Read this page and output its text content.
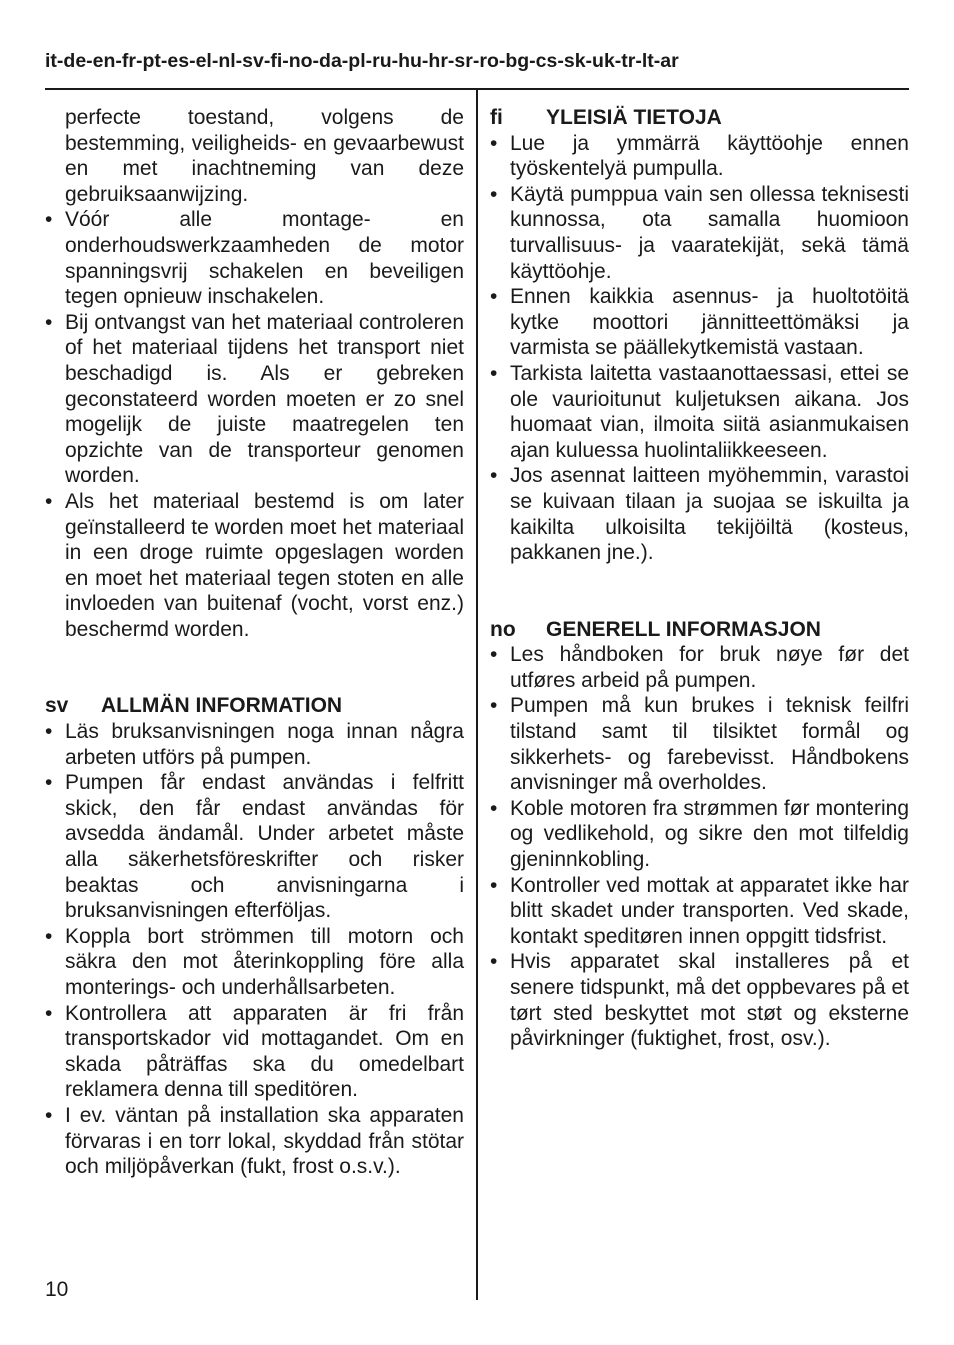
it-de-en-fr-pt-es-el-nl-sv-fi-no-da-pl-ru-hu-hr-sr-ro-bg-cs-sk-uk-tr-lt-ar

perfecte toestand, volgens de bestemming, veiligheids- en gevaarbewust en met inachtneming van deze gebruiksaanwijzing.

• Vóór alle montage- en onderhoudswerkzaamheden de motor spanningsvrij schakelen en beveiligen tegen opnieuw inschakelen.
• Bij ontvangst van het materiaal controleren of het materiaal tijdens het transport niet beschadigd is. Als er gebreken geconstateerd worden moeten er zo snel mogelijk de juiste maatregelen ten opzichte van de transporteur genomen worden.
• Als het materiaal bestemd is om later geïnstalleerd te worden moet het materiaal in een droge ruimte opgeslagen worden en moet het materiaal tegen stoten en alle invloeden van buitenaf (vocht, vorst enz.) beschermd worden.
sv	ALLMÄN INFORMATION
• Läs bruksanvisningen noga innan några arbeten utförs på pumpen.
• Pumpen får endast användas i felfritt skick, den får endast användas för avsedda ändamål. Under arbetet måste alla säkerhetsföreskrifter och risker beaktas och anvisningarna i bruksanvisningen efterföljas.
• Koppla bort strömmen till motorn och säkra den mot återinkoppling före alla monterings- och underhållsarbeten.
• Kontrollera att apparaten är fri från transportskador vid mottagandet. Om en skada påträffas ska du omedelbart reklamera denna till speditören.
• I ev. väntan på installation ska apparaten förvaras i en torr lokal, skyddad från stötar och miljöpåverkan (fukt, frost o.s.v.).
fi	YLEISIÄ TIETOJA
• Lue ja ymmärrä käyttöohje ennen työskentelyä pumpulla.
• Käytä pumppua vain sen ollessa teknisesti kunnossa, ota samalla huomioon turvallisuus- ja vaaratekijät, sekä tämä käyttöohje.
• Ennen kaikkia asennus- ja huoltotöitä kytke moottori jännitteettömäksi ja varmista se päällekytkemistä vastaan.
• Tarkista laitetta vastaanottaessasi, ettei se ole vaurioitunut kuljetuksen aikana. Jos huomaat vian, ilmoita siitä asianmukaisen ajan kuluessa huolintaliikkeeseen.
• Jos asennat laitteen myöhemmin, varastoi se kuivaan tilaan ja suojaa se iskuilta ja kaikilta ulkoisilta tekijöiltä (kosteus, pakkanen jne.).
no	GENERELL INFORMASJON
• Les håndboken for bruk nøye før det utføres arbeid på pumpen.
• Pumpen må kun brukes i teknisk feilfri tilstand samt til tilsiktet formål og sikkerhets- og farebevisst. Håndbokens anvisninger må overholdes.
• Koble motoren fra strømmen før montering og vedlikehold, og sikre den mot tilfeldig gjeninnkobling.
• Kontroller ved mottak at apparatet ikke har blitt skadet under transporten. Ved skade, kontakt speditøren innen oppgitt tidsfrist.
• Hvis apparatet skal installeres på et senere tidspunkt, må det oppbevares på et tørt sted beskyttet mot støt og eksterne påvirkninger (fuktighet, frost, osv.).
10
